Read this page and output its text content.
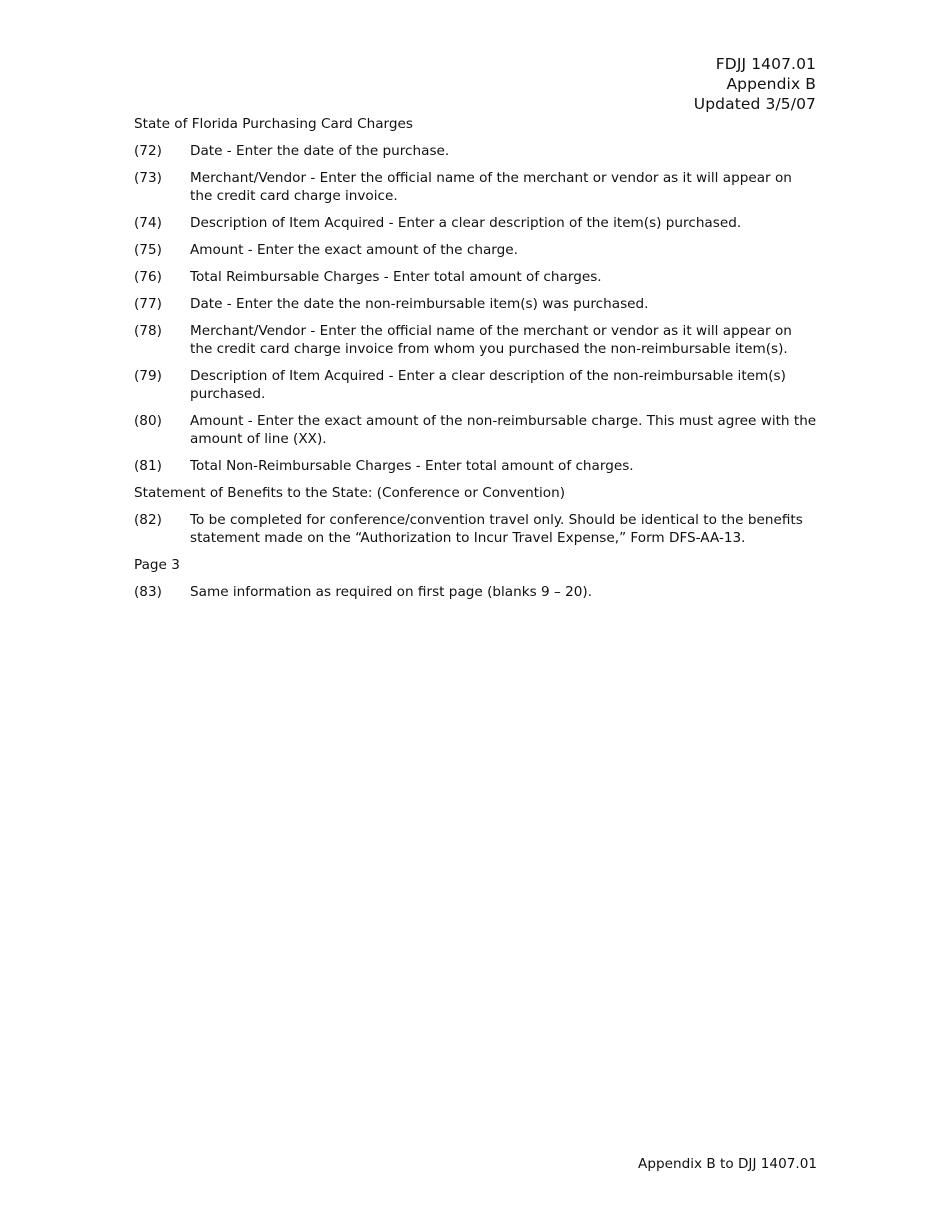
FDJJ 1407.01
Appendix B
Updated 3/5/07
State of Florida Purchasing Card Charges
(72)	Date - Enter the date of the purchase.
(73)	Merchant/Vendor - Enter the official name of the merchant or vendor as it will appear on the credit card charge invoice.
(74)	Description of Item Acquired - Enter a clear description of the item(s) purchased.
(75)	Amount - Enter the exact amount of the charge.
(76)	Total Reimbursable Charges - Enter total amount of charges.
(77)	Date - Enter the date the non-reimbursable item(s) was purchased.
(78)	Merchant/Vendor - Enter the official name of the merchant or vendor as it will appear on the credit card charge invoice from whom you purchased the non-reimbursable item(s).
(79)	Description of Item Acquired - Enter a clear description of the non-reimbursable item(s) purchased.
(80)	Amount - Enter the exact amount of the non-reimbursable charge. This must agree with the amount of line (XX).
(81)	Total Non-Reimbursable Charges - Enter total amount of charges.
Statement of Benefits to the State: (Conference or Convention)
(82)	To be completed for conference/convention travel only. Should be identical to the benefits statement made on the “Authorization to Incur Travel Expense,” Form DFS-AA-13.
Page 3
(83)	Same information as required on first page (blanks 9 – 20).
Appendix B to DJJ 1407.01
